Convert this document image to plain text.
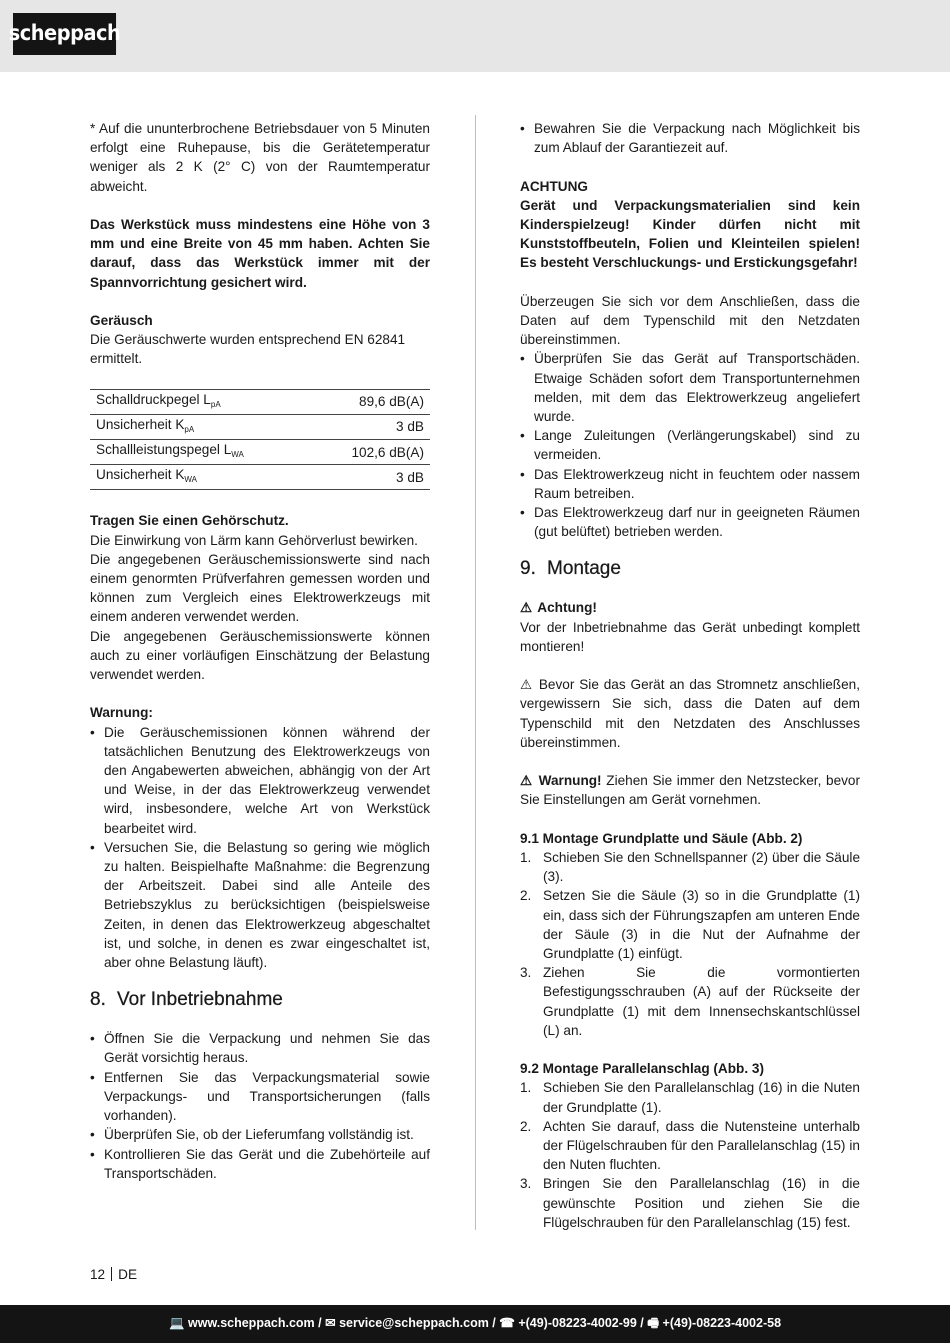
scheppach

* Auf die ununterbrochene Betriebsdauer von 5 Minuten erfolgt eine Ruhepause, bis die Gerätetemperatur weniger als 2 K (2° C) von der Raumtemperatur abweicht.

Das Werkstück muss mindestens eine Höhe von 3 mm und eine Breite von 45 mm haben. Achten Sie darauf, dass das Werkstück immer mit der Spannvorrichtung gesichert wird.

Geräusch

Die Geräuschwerte wurden entsprechend EN 62841 ermittelt.

Schalldruckpegel $L_{pA}$	89,6 dB(A)
Unsicherheit $K_{pA}$	3 dB
Schallleistungspegel $L_{WA}$	102,6 dB(A)
Unsicherheit $K_{WA}$	3 dB

Tragen Sie einen Gehörschutz.

Die Einwirkung von Lärm kann Gehörverlust bewirken.

Die angegebenen Geräuschemissionswerte sind nach einem genormten Prüfverfahren gemessen worden und können zum Vergleich eines Elektrowerkzeugs mit einem anderen verwendet werden.

Die angegebenen Geräuschemissionswerte können auch zu einer vorläufigen Einschätzung der Belastung verwendet werden.

Warnung:

• Die Geräuschemissionen können während der tatsächlichen Benutzung des Elektrowerkzeugs von den Angabewerten abweichen, abhängig von der Art und Weise, in der das Elektrowerkzeug verwendet wird, insbesondere, welche Art von Werkstück bearbeitet wird.
• Versuchen Sie, die Belastung so gering wie möglich zu halten. Beispielhafte Maßnahme: die Begrenzung der Arbeitszeit. Dabei sind alle Anteile des Betriebszyklus zu berücksichtigen (beispielsweise Zeiten, in denen das Elektrowerkzeug abgeschaltet ist, und solche, in denen es zwar eingeschaltet ist, aber ohne Belastung läuft).
8. Vor Inbetriebnahme
• Öffnen Sie die Verpackung und nehmen Sie das Gerät vorsichtig heraus.
• Entfernen Sie das Verpackungsmaterial sowie Verpackungs- und Transportsicherungen (falls vorhanden).
• Überprüfen Sie, ob der Lieferumfang vollständig ist.
• Kontrollieren Sie das Gerät und die Zubehörteile auf Transportschäden.
• Bewahren Sie die Verpackung nach Möglichkeit bis zum Ablauf der Garantiezeit auf.

ACHTUNG

Gerät und Verpackungsmaterialien sind kein Kinderspielzeug! Kinder dürfen nicht mit Kunststoffbeuteln, Folien und Kleinteilen spielen! Es besteht Verschluckungs- und Erstickungsgefahr!

Überzeugen Sie sich vor dem Anschließen, dass die Daten auf dem Typenschild mit den Netzdaten übereinstimmen.

• Überprüfen Sie das Gerät auf Transportschäden. Etwaige Schäden sofort dem Transportunternehmen melden, mit dem das Elektrowerkzeug angeliefert wurde.
• Lange Zuleitungen (Verlängerungskabel) sind zu vermeiden.
• Das Elektrowerkzeug nicht in feuchtem oder nassem Raum betreiben.
• Das Elektrowerkzeug darf nur in geeigneten Räumen (gut belüftet) betrieben werden.
9. Montage

⚠ Achtung!

Vor der Inbetriebnahme das Gerät unbedingt komplett montieren!

⚠ Bevor Sie das Gerät an das Stromnetz anschließen, vergewissern Sie sich, dass die Daten auf dem Typenschild mit den Netzdaten des Anschlusses übereinstimmen.

⚠ Warnung! Ziehen Sie immer den Netzstecker, bevor Sie Einstellungen am Gerät vornehmen.

9.1 Montage Grundplatte und Säule (Abb. 2)

1. Schieben Sie den Schnellspanner (2) über die Säule (3).
2. Setzen Sie die Säule (3) so in die Grundplatte (1) ein, dass sich der Führungszapfen am unteren Ende der Säule (3) in die Nut der Aufnahme der Grundplatte (1) einfügt.
3. Ziehen Sie die vormontierten Befestigungsschrauben (A) auf der Rückseite der Grundplatte (1) mit dem Innensechskantschlüssel (L) an.

9.2 Montage Parallelanschlag (Abb. 3)

1. Schieben Sie den Parallelanschlag (16) in die Nuten der Grundplatte (1).
2. Achten Sie darauf, dass die Nutensteine unterhalb der Flügelschrauben für den Parallelanschlag (15) in den Nuten fluchten.
3. Bringen Sie den Parallelanschlag (16) in die gewünschte Position und ziehen Sie die Flügelschrauben für den Parallelanschlag (15) fest.
12 DE
💻
www.scheppach.com / ✉
service@scheppach.com / ☎
+(49)-08223-4002-99 / 🖷
+(49)-08223-4002-58
